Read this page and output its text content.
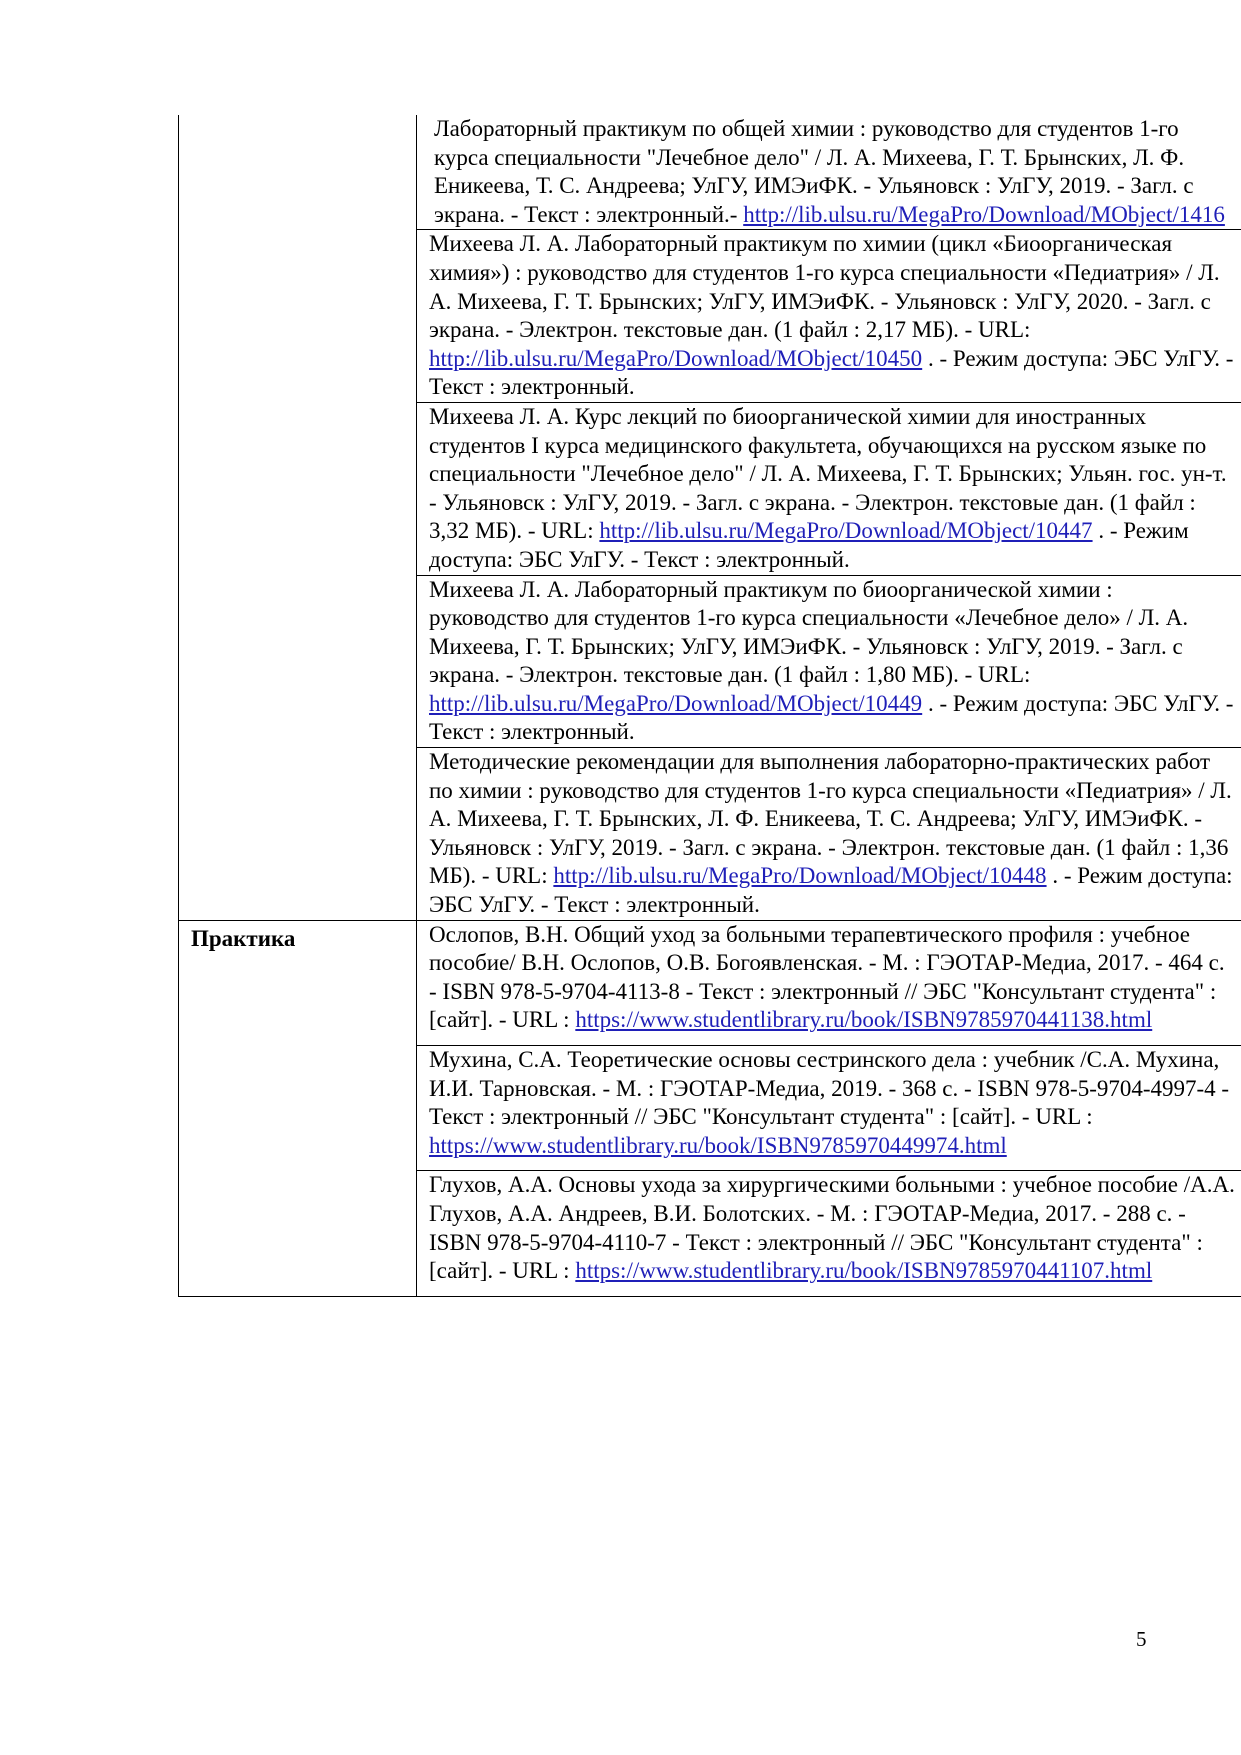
	Лабораторный практикум по общей химии : руководство для студентов 1-го курса специальности "Лечебное дело" / Л. А. Михеева, Г. Т. Брынских, Л. Ф. Еникеева, Т. С. Андреева; УлГУ, ИМЭиФК. - Ульяновск : УлГУ, 2019. - Загл. с экрана. - Текст : электронный.- http://lib.ulsu.ru/MegaPro/Download/MObject/1416
	Михеева Л. А. Лабораторный практикум по химии (цикл «Биоорганическая химия») : руководство для студентов 1-го курса специальности «Педиатрия» / Л. А. Михеева, Г. Т. Брынских; УлГУ, ИМЭиФК. - Ульяновск : УлГУ, 2020. - Загл. с экрана. - Электрон. текстовые дан. (1 файл : 2,17 МБ). - URL: http://lib.ulsu.ru/MegaPro/Download/MObject/10450 . - Режим доступа: ЭБС УлГУ. - Текст : электронный.
	Михеева Л. А. Курс лекций по биоорганической химии для иностранных студентов I курса медицинского факультета, обучающихся на русском языке по специальности "Лечебное дело" / Л. А. Михеева, Г. Т. Брынских; Ульян. гос. ун-т. - Ульяновск : УлГУ, 2019. - Загл. с экрана. - Электрон. текстовые дан. (1 файл : 3,32 МБ). - URL: http://lib.ulsu.ru/MegaPro/Download/MObject/10447 . - Режим доступа: ЭБС УлГУ. - Текст : электронный.
	Михеева Л. А. Лабораторный практикум по биоорганической химии : руководство для студентов 1-го курса специальности «Лечебное дело» / Л. А. Михеева, Г. Т. Брынских; УлГУ, ИМЭиФК. - Ульяновск : УлГУ, 2019. - Загл. с экрана. - Электрон. текстовые дан. (1 файл : 1,80 МБ). - URL: http://lib.ulsu.ru/MegaPro/Download/MObject/10449 . - Режим доступа: ЭБС УлГУ. - Текст : электронный.
	Методические рекомендации для выполнения лабораторно-практических работ по химии : руководство для студентов 1-го курса специальности «Педиатрия» / Л. А. Михеева, Г. Т. Брынских, Л. Ф. Еникеева, Т. С. Андреева; УлГУ, ИМЭиФК. - Ульяновск : УлГУ, 2019. - Загл. с экрана. - Электрон. текстовые дан. (1 файл : 1,36 МБ). - URL: http://lib.ulsu.ru/MegaPro/Download/MObject/10448 . - Режим доступа: ЭБС УлГУ. - Текст : электронный.
Практика	Ослопов, В.Н. Общий уход за больными терапевтического профиля : учебное пособие/ В.Н. Ослопов, О.В. Богоявленская. - М. : ГЭОТАР-Медиа, 2017. - 464 с. - ISBN 978-5-9704-4113-8 - Текст : электронный // ЭБС "Консультант студента" : [сайт]. - URL : https://www.studentlibrary.ru/book/ISBN9785970441138.html
	Мухина, С.А. Теоретические основы сестринского дела : учебник /С.А. Мухина, И.И. Тарновская. - М. : ГЭОТАР-Медиа, 2019. - 368 с. - ISBN 978-5-9704-4997-4 - Текст : электронный // ЭБС "Консультант студента" : [сайт]. - URL : https://www.studentlibrary.ru/book/ISBN9785970449974.html
	Глухов, А.А. Основы ухода за хирургическими больными : учебное пособие /А.А. Глухов, А.А. Андреев, В.И. Болотских. - М. : ГЭОТАР-Медиа, 2017. - 288 с. - ISBN 978-5-9704-4110-7 - Текст : электронный // ЭБС "Консультант студента" : [сайт]. - URL : https://www.studentlibrary.ru/book/ISBN9785970441107.html
5
